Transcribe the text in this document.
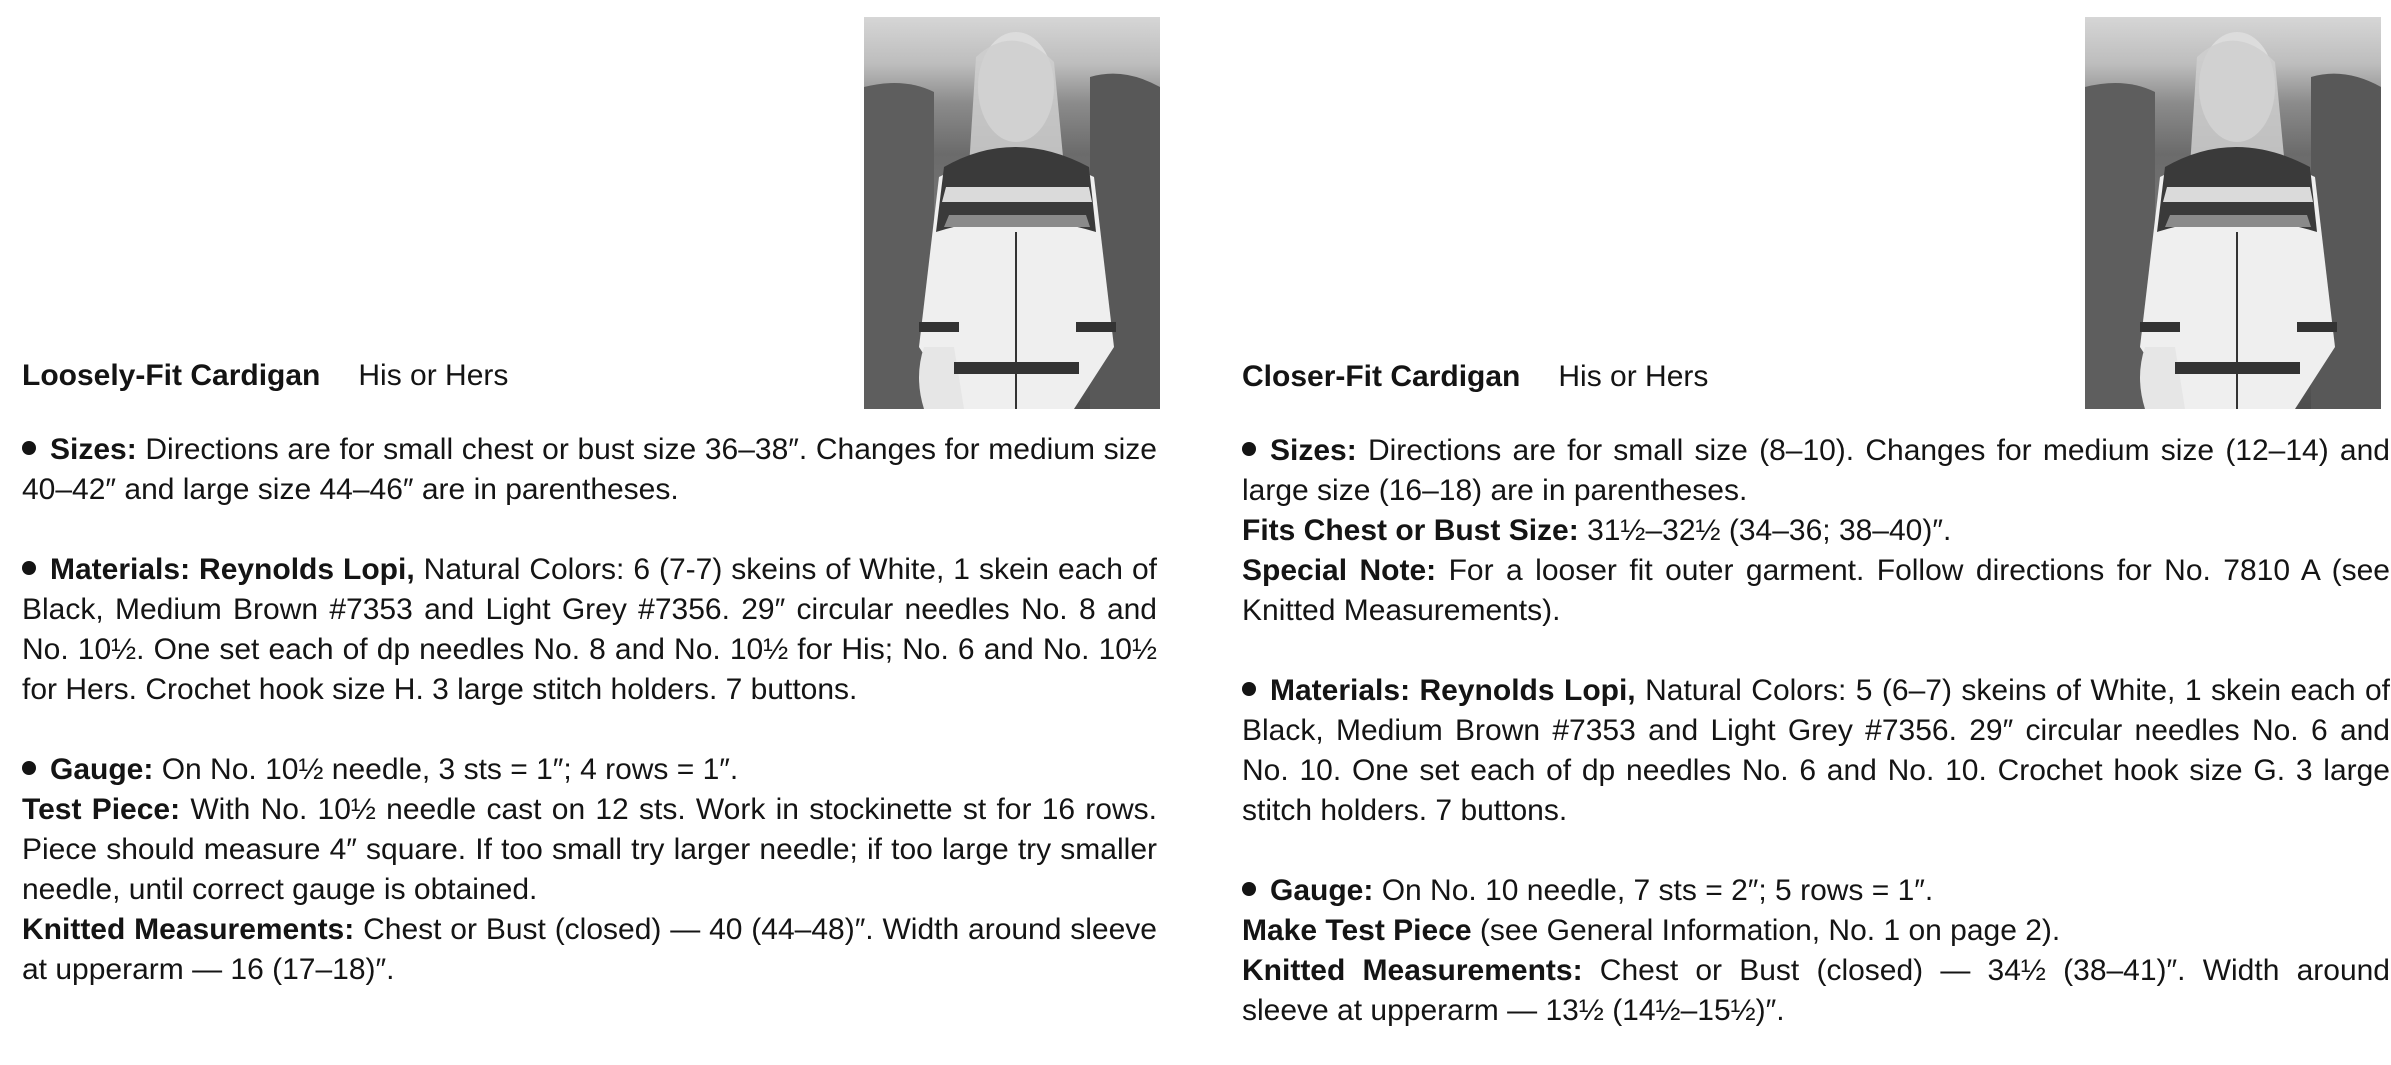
Loosely-Fit Cardigan His or Hers

Sizes: Directions are for small chest or bust size 36–38″. Changes for medium size 40–42″ and large size 44–46″ are in parentheses.

Materials: Reynolds Lopi, Natural Colors: 6 (7-7) skeins of White, 1 skein each of Black, Medium Brown #7353 and Light Grey #7356. 29″ circular needles No. 8 and No. 10½. One set each of dp needles No. 8 and No. 10½ for His; No. 6 and No. 10½ for Hers. Crochet hook size H. 3 large stitch holders. 7 buttons.

Gauge: On No. 10½ needle, 3 sts = 1″; 4 rows = 1″.

Test Piece: With No. 10½ needle cast on 12 sts. Work in stockinette st for 16 rows. Piece should measure 4″ square. If too small try larger needle; if too large try smaller needle, until correct gauge is obtained.

Knitted Measurements: Chest or Bust (closed) — 40 (44–48)″. Width around sleeve at upperarm — 16 (17–18)″.

Closer-Fit Cardigan His or Hers

Sizes: Directions are for small size (8–10). Changes for medium size (12–14) and large size (16–18) are in parentheses.

Fits Chest or Bust Size: 31½–32½ (34–36; 38–40)″.

Special Note: For a looser fit outer garment. Follow directions for No. 7810 A (see Knitted Measurements).

Materials: Reynolds Lopi, Natural Colors: 5 (6–7) skeins of White, 1 skein each of Black, Medium Brown #7353 and Light Grey #7356. 29″ circular needles No. 6 and No. 10. One set each of dp needles No. 6 and No. 10. Crochet hook size G. 3 large stitch holders. 7 buttons.

Gauge: On No. 10 needle, 7 sts = 2″; 5 rows = 1″.

Make Test Piece (see General Information, No. 1 on page 2).

Knitted Measurements: Chest or Bust (closed) — 34½ (38–41)″. Width around sleeve at upperarm — 13½ (14½–15½)″.
